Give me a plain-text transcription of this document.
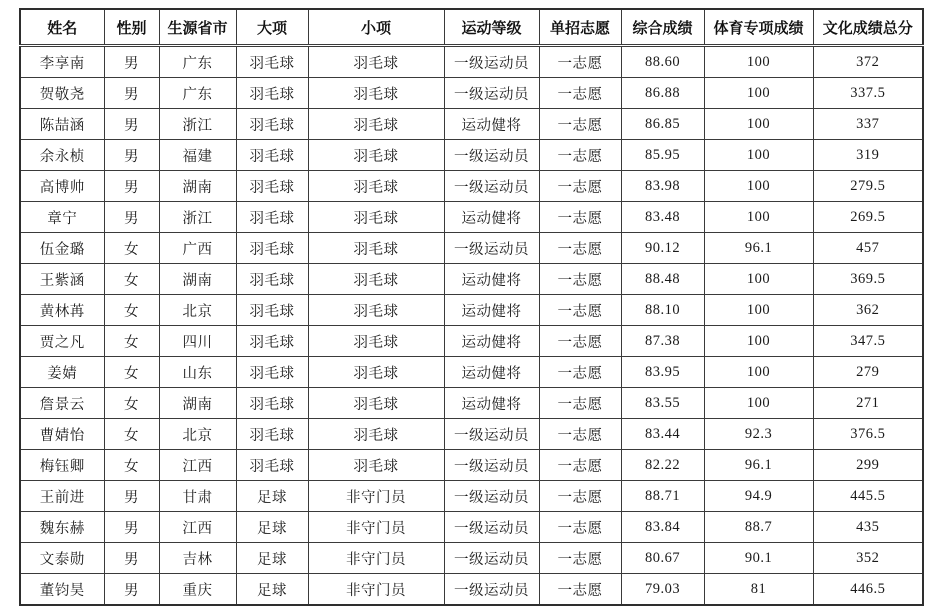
姓名	性别	生源省市	大项	小项	运动等级	单招志愿	综合成绩	体育专项成绩	文化成绩总分
李享南	男	广东	羽毛球	羽毛球	一级运动员	一志愿	88.60	100	372
贺敬尧	男	广东	羽毛球	羽毛球	一级运动员	一志愿	86.88	100	337.5
陈喆涵	男	浙江	羽毛球	羽毛球	运动健将	一志愿	86.85	100	337
余永桢	男	福建	羽毛球	羽毛球	一级运动员	一志愿	85.95	100	319
高博帅	男	湖南	羽毛球	羽毛球	一级运动员	一志愿	83.98	100	279.5
章宁	男	浙江	羽毛球	羽毛球	运动健将	一志愿	83.48	100	269.5
伍金璐	女	广西	羽毛球	羽毛球	一级运动员	一志愿	90.12	96.1	457
王紫涵	女	湖南	羽毛球	羽毛球	运动健将	一志愿	88.48	100	369.5
黄林苒	女	北京	羽毛球	羽毛球	运动健将	一志愿	88.10	100	362
贾之凡	女	四川	羽毛球	羽毛球	运动健将	一志愿	87.38	100	347.5
姜婧	女	山东	羽毛球	羽毛球	运动健将	一志愿	83.95	100	279
詹景云	女	湖南	羽毛球	羽毛球	运动健将	一志愿	83.55	100	271
曹婧怡	女	北京	羽毛球	羽毛球	一级运动员	一志愿	83.44	92.3	376.5
梅钰卿	女	江西	羽毛球	羽毛球	一级运动员	一志愿	82.22	96.1	299
王前进	男	甘肃	足球	非守门员	一级运动员	一志愿	88.71	94.9	445.5
魏东赫	男	江西	足球	非守门员	一级运动员	一志愿	83.84	88.7	435
文泰勋	男	吉林	足球	非守门员	一级运动员	一志愿	80.67	90.1	352
董钧昊	男	重庆	足球	非守门员	一级运动员	一志愿	79.03	81	446.5
